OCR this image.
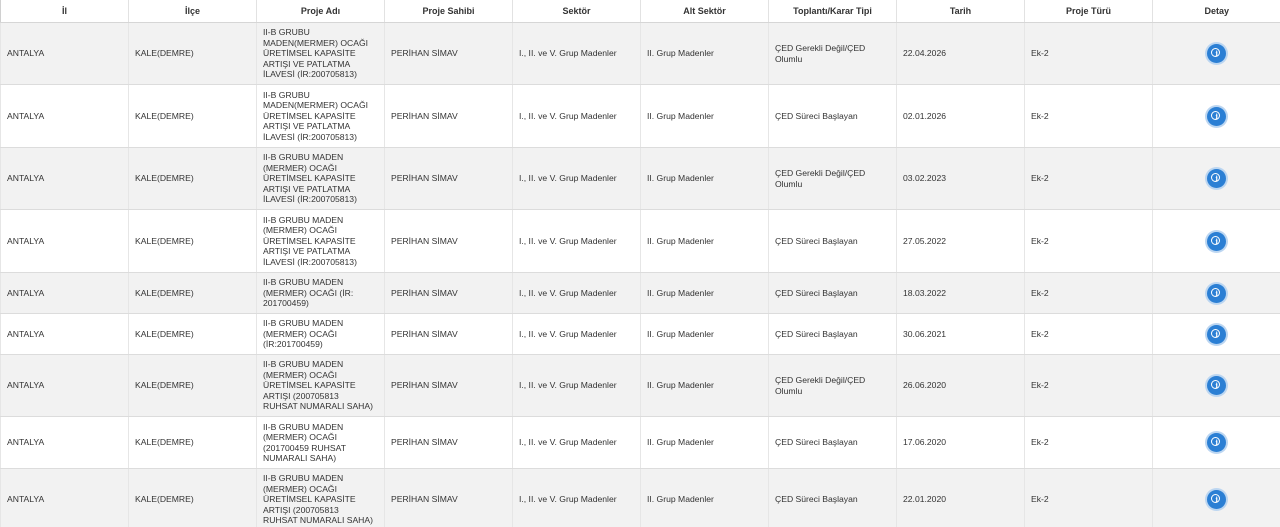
İl	İlçe	Proje Adı	Proje Sahibi	Sektör	Alt Sektör	Toplantı/Karar Tipi	Tarih	Proje Türü	Detay
ANTALYA	KALE(DEMRE)	II-B GRUBU
MADEN(MERMER) OCAĞI
ÜRETİMSEL KAPASİTE
ARTIŞI VE PATLATMA
İLAVESİ (İR:200705813)	PERİHAN SİMAV	I., II. ve V. Grup Madenler	II. Grup Madenler	ÇED Gerekli Değil/ÇED
Olumlu	22.04.2026	Ek-2	i

ANTALYA	KALE(DEMRE)	II-B GRUBU
MADEN(MERMER) OCAĞI
ÜRETİMSEL KAPASİTE
ARTIŞI VE PATLATMA
İLAVESİ (İR:200705813)	PERİHAN SİMAV	I., II. ve V. Grup Madenler	II. Grup Madenler	ÇED Süreci Başlayan	02.01.2026	Ek-2	i

ANTALYA	KALE(DEMRE)	II-B GRUBU MADEN
(MERMER) OCAĞI
ÜRETİMSEL KAPASİTE
ARTIŞI VE PATLATMA
İLAVESİ (İR:200705813)	PERİHAN SİMAV	I., II. ve V. Grup Madenler	II. Grup Madenler	ÇED Gerekli Değil/ÇED
Olumlu	03.02.2023	Ek-2	i

ANTALYA	KALE(DEMRE)	II-B GRUBU MADEN
(MERMER) OCAĞI
ÜRETİMSEL KAPASİTE
ARTIŞI VE PATLATMA
İLAVESİ (İR:200705813)	PERİHAN SİMAV	I., II. ve V. Grup Madenler	II. Grup Madenler	ÇED Süreci Başlayan	27.05.2022	Ek-2	i

ANTALYA	KALE(DEMRE)	II-B GRUBU MADEN
(MERMER) OCAĞI (İR:
201700459)	PERİHAN SİMAV	I., II. ve V. Grup Madenler	II. Grup Madenler	ÇED Süreci Başlayan	18.03.2022	Ek-2	i

ANTALYA	KALE(DEMRE)	II-B GRUBU MADEN
(MERMER) OCAĞI
(İR:201700459)	PERİHAN SİMAV	I., II. ve V. Grup Madenler	II. Grup Madenler	ÇED Süreci Başlayan	30.06.2021	Ek-2	i

ANTALYA	KALE(DEMRE)	II-B GRUBU MADEN
(MERMER) OCAĞI
ÜRETİMSEL KAPASİTE
ARTIŞI (200705813
RUHSAT NUMARALI SAHA)	PERİHAN SİMAV	I., II. ve V. Grup Madenler	II. Grup Madenler	ÇED Gerekli Değil/ÇED
Olumlu	26.06.2020	Ek-2	i

ANTALYA	KALE(DEMRE)	II-B GRUBU MADEN
(MERMER) OCAĞI
(201700459 RUHSAT
NUMARALI SAHA)	PERİHAN SİMAV	I., II. ve V. Grup Madenler	II. Grup Madenler	ÇED Süreci Başlayan	17.06.2020	Ek-2	i

ANTALYA	KALE(DEMRE)	II-B GRUBU MADEN
(MERMER) OCAĞI
ÜRETİMSEL KAPASİTE
ARTIŞI (200705813
RUHSAT NUMARALI SAHA)	PERİHAN SİMAV	I., II. ve V. Grup Madenler	II. Grup Madenler	ÇED Süreci Başlayan	22.01.2020	Ek-2	i
